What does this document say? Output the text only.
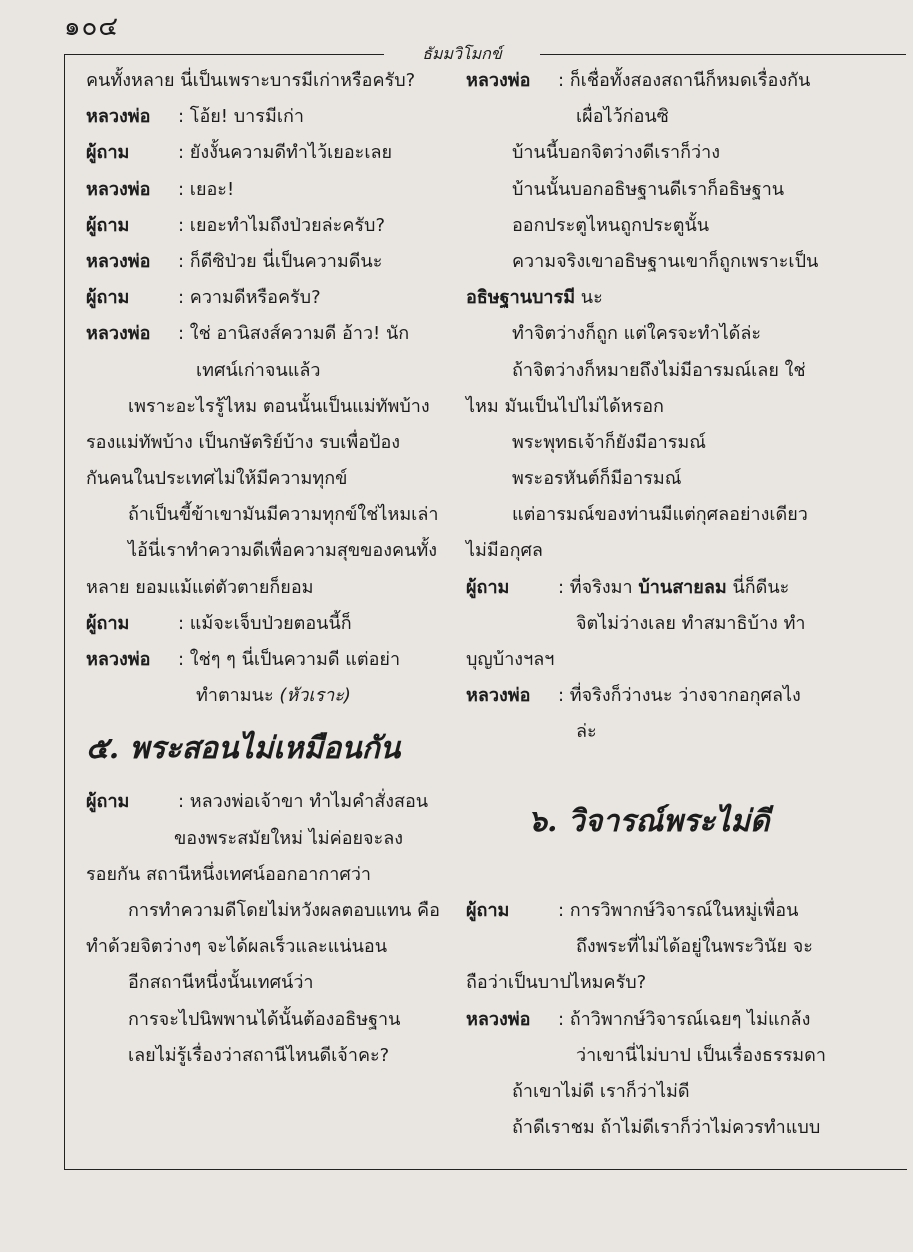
๑๐๔
ธัมมวิโมกข์
คนทั้งหลาย นี่เป็นเพราะบารมีเก่าหรือครับ?
หลวงพ่อ : โอ้ย! บารมีเก่า
ผู้ถาม	: ยังงั้นความดีทำไว้เยอะเลย
หลวงพ่อ : เยอะ!
ผู้ถาม	: เยอะทำไมถึงป่วยล่ะครับ?
หลวงพ่อ : ก็ดีซิป่วย นี่เป็นความดีนะ
ผู้ถาม	: ความดีหรือครับ?
หลวงพ่อ : ใช่ อานิสงส์ความดี อ้าว! นัก
เทศน์เก่าจนแล้ว
เพราะอะไรรู้ไหม ตอนนั้นเป็นแม่ทัพบ้าง
รองแม่ทัพบ้าง เป็นกษัตริย์บ้าง รบเพื่อป้อง
กันคนในประเทศไม่ให้มีความทุกข์
ถ้าเป็นขี้ข้าเขามันมีความทุกข์ใช่ไหมเล่า
ไอ้นี่เราทำความดีเพื่อความสุขของคนทั้ง
หลาย ยอมแม้แต่ตัวตายก็ยอม
ผู้ถาม	: แม้จะเจ็บป่วยตอนนี้ก็
หลวงพ่อ : ใช่ๆ ๆ นี่เป็นความดี แต่อย่า
ทำตามนะ (หัวเราะ)
๕. พระสอนไม่เหมือนกัน
ผู้ถาม	: หลวงพ่อเจ้าขา ทำไมคำสั่งสอน
ของพระสมัยใหม่ ไม่ค่อยจะลง
รอยกัน สถานีหนึ่งเทศน์ออกอากาศว่า
การทำความดีโดยไม่หวังผลตอบแทน คือ
ทำด้วยจิตว่างๆ จะได้ผลเร็วและแน่นอน
อีกสถานีหนึ่งนั้นเทศน์ว่า
การจะไปนิพพานได้นั้นต้องอธิษฐาน
เลยไม่รู้เรื่องว่าสถานีไหนดีเจ้าคะ?
หลวงพ่อ : ก็เชื่อทั้งสองสถานีก็หมดเรื่องกัน
เผื่อไว้ก่อนซิ
บ้านนี้บอกจิตว่างดีเราก็ว่าง
บ้านนั้นบอกอธิษฐานดีเราก็อธิษฐาน
ออกประตูไหนถูกประตูนั้น
ความจริงเขาอธิษฐานเขาก็ถูกเพราะเป็น
อธิษฐานบารมี นะ
ทำจิตว่างก็ถูก แต่ใครจะทำได้ล่ะ
ถ้าจิตว่างก็หมายถึงไม่มีอารมณ์เลย ใช่
ไหม มันเป็นไปไม่ได้หรอก
พระพุทธเจ้าก็ยังมีอารมณ์
พระอรหันต์ก็มีอารมณ์
แต่อารมณ์ของท่านมีแต่กุศลอย่างเดียว
ไม่มีอกุศล
ผู้ถาม	: ที่จริงมา บ้านสายลม นี่ก็ดีนะ
จิตไม่ว่างเลย ทำสมาธิบ้าง ทำ
บุญบ้างฯลฯ
หลวงพ่อ : ที่จริงก็ว่างนะ ว่างจากอกุศลไง
ล่ะ
๖. วิจารณ์พระไม่ดี
ผู้ถาม	: การวิพากษ์วิจารณ์ในหมู่เพื่อน
ถึงพระที่ไม่ได้อยู่ในพระวินัย จะ
ถือว่าเป็นบาปไหมครับ?
หลวงพ่อ : ถ้าวิพากษ์วิจารณ์เฉยๆ ไม่แกล้ง
ว่าเขานี่ไม่บาป เป็นเรื่องธรรมดา
ถ้าเขาไม่ดี เราก็ว่าไม่ดี
ถ้าดีเราชม ถ้าไม่ดีเราก็ว่าไม่ควรทำแบบ
